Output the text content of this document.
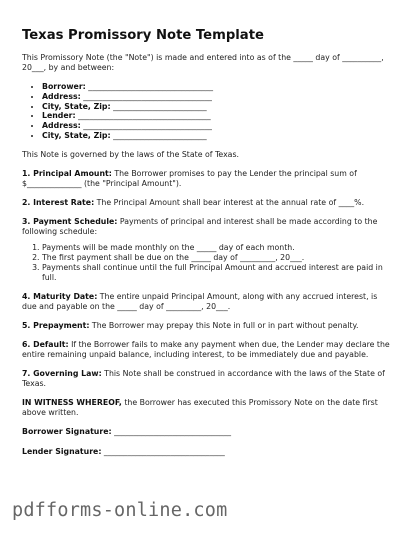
Texas Promissory Note Template

This Promissory Note (the "Note") is made and entered into as of the _____ day of __________, 20___, by and between:

• Borrower: ________________________________
• Address: _________________________________
• City, State, Zip: ________________________
• Lender: __________________________________
• Address: _________________________________
• City, State, Zip: ________________________

This Note is governed by the laws of the State of Texas.

1. Principal Amount: The Borrower promises to pay the Lender the principal sum of $______________ (the "Principal Amount").

2. Interest Rate: The Principal Amount shall bear interest at the annual rate of ____%.

3. Payment Schedule: Payments of principal and interest shall be made according to the following schedule:

1. Payments will be made monthly on the _____ day of each month.
2. The first payment shall be due on the _____ day of _________, 20___.
3. Payments shall continue until the full Principal Amount and accrued interest are paid in full.

4. Maturity Date: The entire unpaid Principal Amount, along with any accrued interest, is due and payable on the _____ day of _________, 20___.

5. Prepayment: The Borrower may prepay this Note in full or in part without penalty.

6. Default: If the Borrower fails to make any payment when due, the Lender may declare the entire remaining unpaid balance, including interest, to be immediately due and payable.

7. Governing Law: This Note shall be construed in accordance with the laws of the State of Texas.

IN WITNESS WHEREOF, the Borrower has executed this Promissory Note on the date first above written.

Borrower Signature: ______________________________

Lender Signature: _______________________________

pdfforms-online.com
